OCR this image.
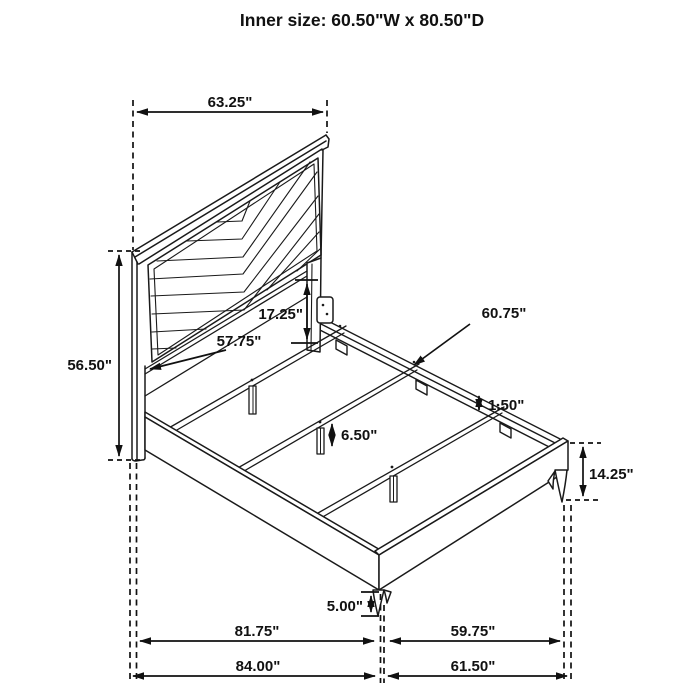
63.25"
56.50"
17.25"
57.75"
60.75"
1.50"
6.50"
14.25"
5.00"
81.75"	59.75"
84.00"	61.50"
Inner size: 60.50"W x 80.50"D
